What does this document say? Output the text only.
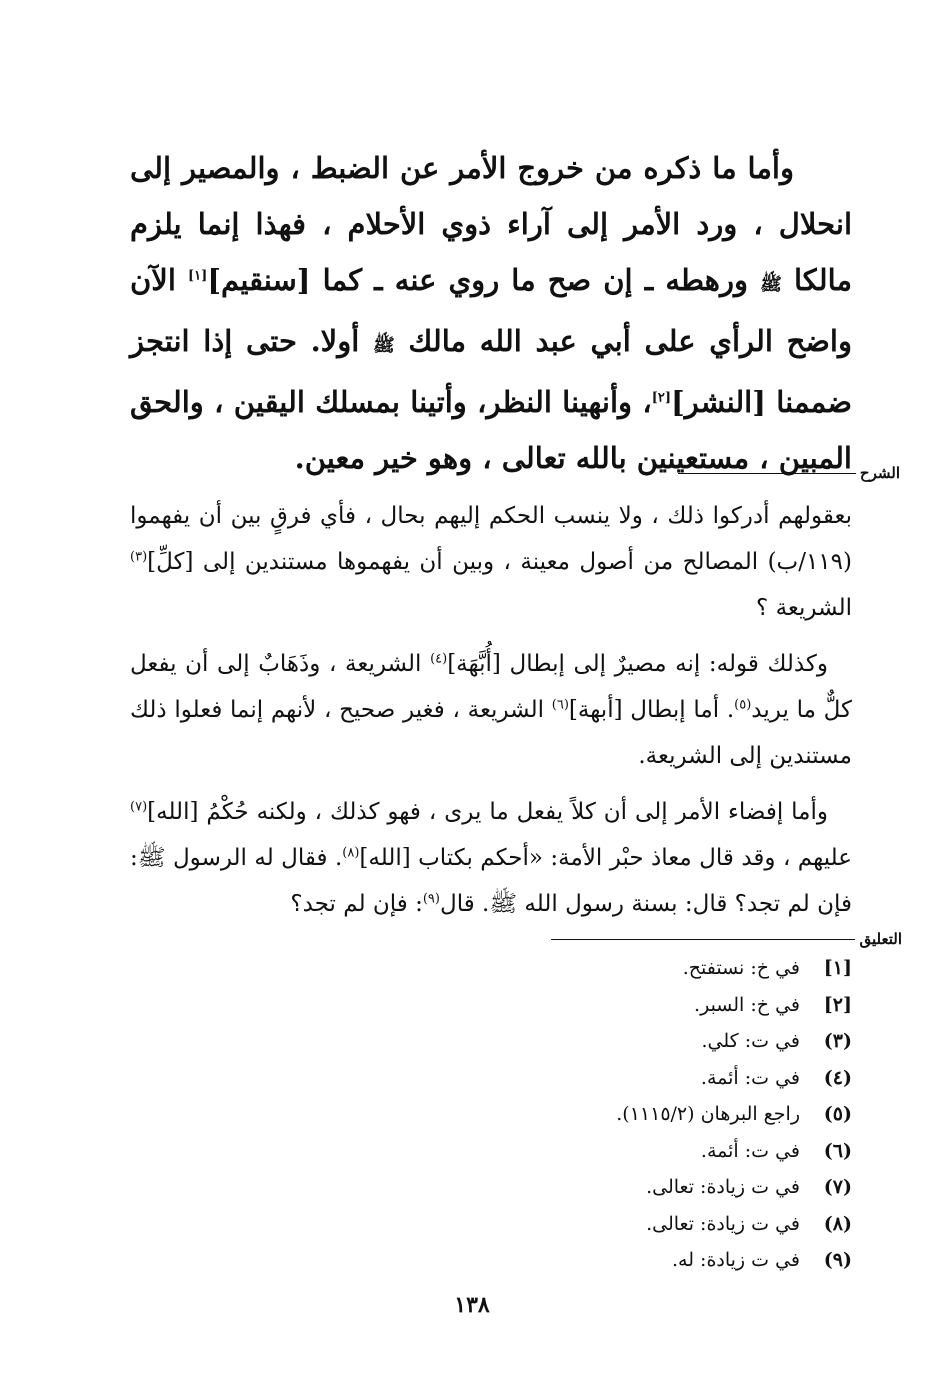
وأما ما ذكره من خروج الأمر عن الضبط ، والمصير إلى انحلال ، ورد الأمر إلى آراء ذوي الأحلام ، فهذا إنما يلزم مالكا ﷺ ورهطه ـ إن صح ما روي عنه ـ كما [سنقيم][١] الآن واضح الرأي على أبي عبد الله مالك ﷺ أولا. حتى إذا انتجز ضممنا [النشر][٢]، وأنهينا النظر، وأتينا بمسلك اليقين ، والحق المبين ، مستعينين بالله تعالى ، وهو خير معين. الشرح

بعقولهم أدركوا ذلك ، ولا ينسب الحكم إليهم بحال ، فأي فرقٍ بين أن يفهموا (١١٩/ب) المصالح من أصول معينة ، وبين أن يفهموها مستندين إلى [كلِّ]$^{(٣)}$ الشريعة ؟

وكذلك قوله: إنه مصيرٌ إلى إبطال [أُبَّهَة]$^{(٤)}$ الشريعة ، وذَهَابٌ إلى أن يفعل كلٌّ ما يريد$^{(٥)}$. أما إبطال [أبهة]$^{(٦)}$ الشريعة ، فغير صحيح ، لأنهم إنما فعلوا ذلك مستندين إلى الشريعة.

وأما إفضاء الأمر إلى أن كلاً يفعل ما يرى ، فهو كذلك ، ولكنه حُكْمُ [الله]$^{(٧)}$ عليهم ، وقد قال معاذ حبْر الأمة: «أحكم بكتاب [الله]$^{(٨)}$. فقال له الرسول ﷺ: فإن لم تجد؟ قال: بسنة رسول الله ﷺ. قال$^{(٩)}$: فإن لم تجد؟

التعليق
[١]
في خ: نستفتح.
[٢]
في خ: السبر.
(٣)
في ت: كلي.
(٤)
في ت: أئمة.
(٥)
راجع البرهان (١١١٥/٢).
(٦)
في ت: أئمة.
(٧)
في ت زيادة: تعالى.
(٨)
في ت زيادة: تعالى.
(٩)
في ت زيادة: له.
١٣٨
